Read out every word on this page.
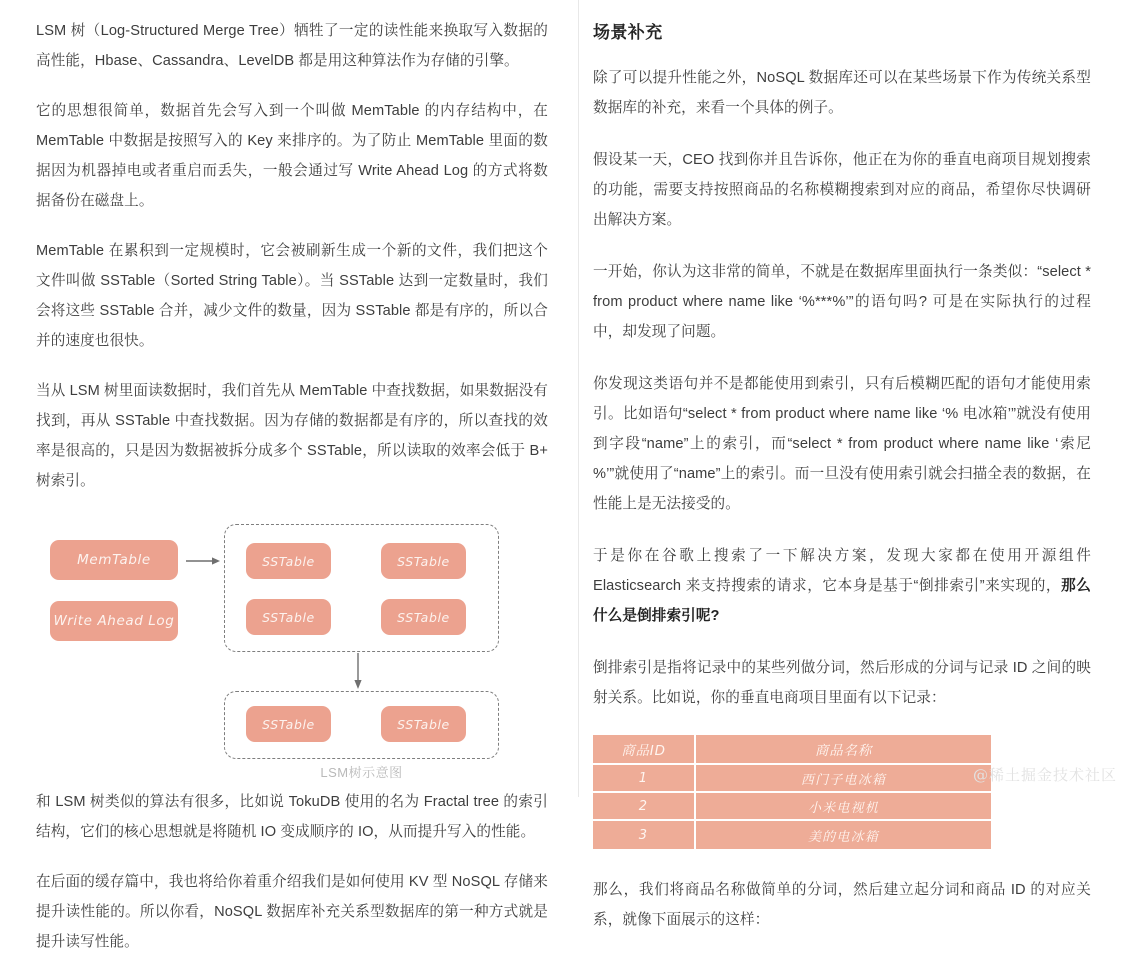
LSM 树（Log-Structured Merge Tree）牺牲了一定的读性能来换取写入数据的高性能，Hbase、Cassandra、LevelDB 都是用这种算法作为存储的引擎。

它的思想很简单，数据首先会写入到一个叫做 MemTable 的内存结构中，在 MemTable 中数据是按照写入的 Key 来排序的。为了防止 MemTable 里面的数据因为机器掉电或者重启而丢失，一般会通过写 Write Ahead Log 的方式将数据备份在磁盘上。

MemTable 在累积到一定规模时，它会被刷新生成一个新的文件，我们把这个文件叫做 SSTable（Sorted String Table）。当 SSTable 达到一定数量时，我们会将这些 SSTable 合并，减少文件的数量，因为 SSTable 都是有序的，所以合并的速度也很快。

当从 LSM 树里面读数据时，我们首先从 MemTable 中查找数据，如果数据没有找到，再从 SSTable 中查找数据。因为存储的数据都是有序的，所以查找的效率是很高的，只是因为数据被拆分成多个 SSTable，所以读取的效率会低于 B+ 树索引。

MemTable
Write Ahead Log
SSTable	SSTable
SSTable	SSTable
SSTable	SSTable
LSM树示意图

和 LSM 树类似的算法有很多，比如说 TokuDB 使用的名为 Fractal tree 的索引结构，它们的核心思想就是将随机 IO 变成顺序的 IO，从而提升写入的性能。

在后面的缓存篇中，我也将给你着重介绍我们是如何使用 KV 型 NoSQL 存储来提升读性能的。所以你看，NoSQL 数据库补充关系型数据库的第一种方式就是提升读写性能。

场景补充

除了可以提升性能之外，NoSQL 数据库还可以在某些场景下作为传统关系型数据库的补充，来看一个具体的例子。

假设某一天，CEO 找到你并且告诉你，他正在为你的垂直电商项目规划搜索的功能，需要支持按照商品的名称模糊搜索到对应的商品，希望你尽快调研出解决方案。

一开始，你认为这非常的简单，不就是在数据库里面执行一条类似：“select * from product where name like ‘%***%’”的语句吗? 可是在实际执行的过程中，却发现了问题。

你发现这类语句并不是都能使用到索引，只有后模糊匹配的语句才能使用索引。比如语句“select * from product where name like ‘% 电冰箱’”就没有使用到字段“name”上的索引，而“select * from product where name like ‘索尼 %’”就使用了“name”上的索引。而一旦没有使用索引就会扫描全表的数据，在性能上是无法接受的。

于是你在谷歌上搜索了一下解决方案，发现大家都在使用开源组件 Elasticsearch 来支持搜索的请求，它本身是基于“倒排索引”来实现的，那么什么是倒排索引呢?

倒排索引是指将记录中的某些列做分词，然后形成的分词与记录 ID 之间的映射关系。比如说，你的垂直电商项目里面有以下记录：

商品ID	商品名称
1	西门子电冰箱
2	小米电视机
3	美的电冰箱

那么，我们将商品名称做简单的分词，然后建立起分词和商品 ID 的对应关系，就像下面展示的这样：

@稀土掘金技术社区
